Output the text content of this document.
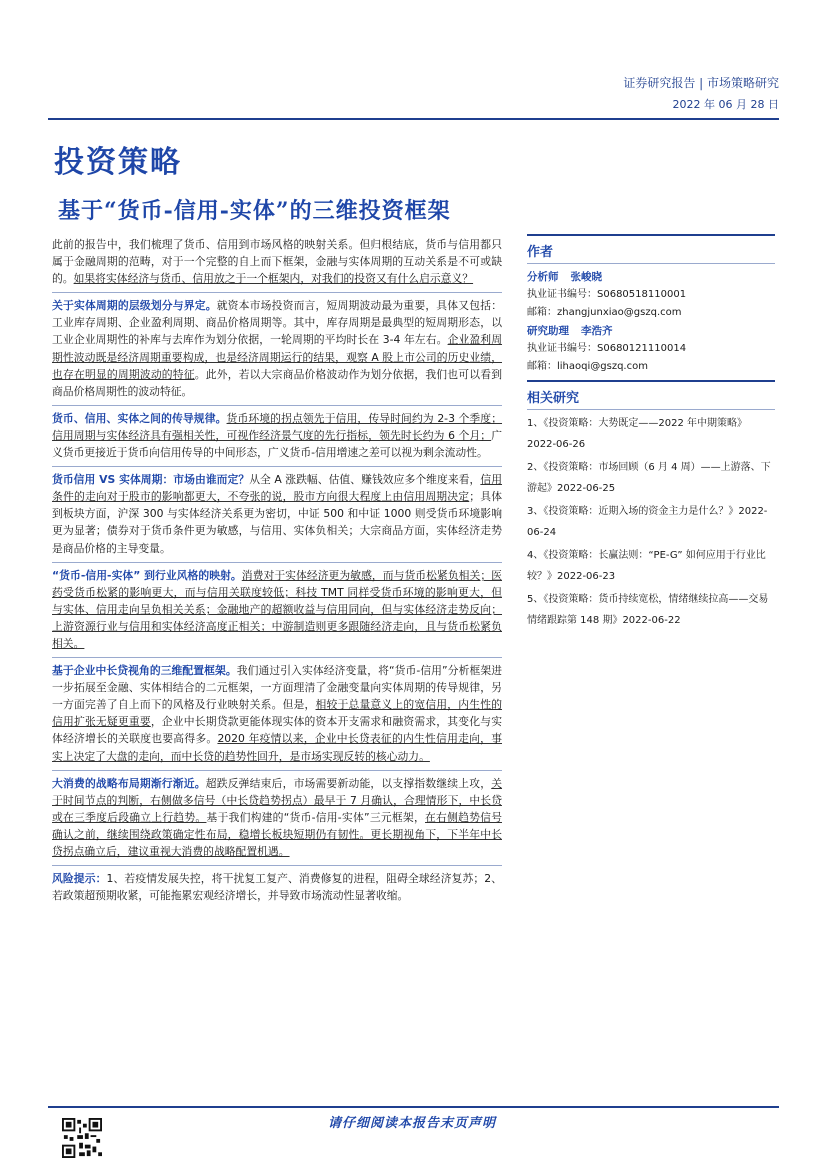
证券研究报告 | 市场策略研究
2022 年 06 月 28 日
投资策略
基于“货币-信用-实体”的三维投资框架

此前的报告中，我们梳理了货币、信用到市场风格的映射关系。但归根结底，货币与信用都只属于金融周期的范畴，对于一个完整的自上而下框架，金融与实体周期的互动关系是不可或缺的。如果将实体经济与货币、信用放之于一个框架内，对我们的投资又有什么启示意义？

关于实体周期的层级划分与界定。就资本市场投资而言，短周期波动最为重要，具体又包括：工业库存周期、企业盈利周期、商品价格周期等。其中，库存周期是最典型的短周期形态，以工业企业周期性的补库与去库作为划分依据，一轮周期的平均时长在 3-4 年左右。企业盈利周期性波动既是经济周期重要构成，也是经济周期运行的结果，观察 A 股上市公司的历史业绩，也存在明显的周期波动的特征。此外，若以大宗商品价格波动作为划分依据，我们也可以看到商品价格周期性的波动特征。

货币、信用、实体之间的传导规律。货币环境的拐点领先于信用，传导时间约为 2-3 个季度；信用周期与实体经济具有强相关性，可视作经济景气度的先行指标，领先时长约为 6 个月；广义货币更接近于货币向信用传导的中间形态，广义货币-信用增速之差可以视为剩余流动性。

货币信用 VS 实体周期：市场由谁而定？从全 A 涨跌幅、估值、赚钱效应多个维度来看，信用条件的走向对于股市的影响都更大，不夸张的说，股市方向很大程度上由信用周期决定；具体到板块方面，沪深 300 与实体经济关系更为密切，中证 500 和中证 1000 则受货币环境影响更为显著；债券对于货币条件更为敏感，与信用、实体负相关；大宗商品方面，实体经济走势是商品价格的主导变量。

“货币-信用-实体” 到行业风格的映射。消费对于实体经济更为敏感，而与货币松紧负相关；医药受货币松紧的影响更大，而与信用关联度较低；科技 TMT 同样受货币环境的影响更大，但与实体、信用走向呈负相关关系；金融地产的超额收益与信用同向，但与实体经济走势反向；上游资源行业与信用和实体经济高度正相关；中游制造则更多跟随经济走向，且与货币松紧负相关。

基于企业中长贷视角的三维配置框架。我们通过引入实体经济变量，将“货币-信用”分析框架进一步拓展至金融、实体相结合的二元框架，一方面理清了金融变量向实体周期的传导规律，另一方面完善了自上而下的风格及行业映射关系。但是，相较于总量意义上的宽信用，内生性的信用扩张无疑更重要，企业中长期贷款更能体现实体的资本开支需求和融资需求，其变化与实体经济增长的关联度也要高得多。2020 年疫情以来，企业中长贷表征的内生性信用走向，事实上决定了大盘的走向，而中长贷的趋势性回升，是市场实现反转的核心动力。

大消费的战略布局期渐行渐近。超跌反弹结束后，市场需要新动能，以支撑指数继续上攻，关于时间节点的判断，右侧做多信号（中长贷趋势拐点）最早于 7 月确认，合理情形下，中长贷或在三季度后段确立上行趋势。基于我们构建的“货币-信用-实体”三元框架，在右侧趋势信号确认之前，继续围绕政策确定性布局，稳增长板块短期仍有韧性。更长期视角下，下半年中长贷拐点确立后，建议重视大消费的战略配置机遇。

风险提示：1、若疫情发展失控，将干扰复工复产、消费修复的进程，阻碍全球经济复苏；2、若政策超预期收紧，可能拖累宏观经济增长，并导致市场流动性显著收缩。

作者
分析师 张峻晓
执业证书编号：S0680518110001
邮箱：zhangjunxiao@gszq.com
研究助理 李浩齐
执业证书编号：S0680121110014
邮箱：lihaoqi@gszq.com
相关研究
1、《投资策略：大势既定——2022 年中期策略》2022-06-26
2、《投资策略：市场回顾（6 月 4 周）——上游落、下游起》2022-06-25
3、《投资策略：近期入场的资金主力是什么？》2022-06-24
4、《投资策略：长赢法则：“PE-G” 如何应用于行业比较？》2022-06-23
5、《投资策略：货币持续宽松，情绪继续拉高——交易情绪跟踪第 148 期》2022-06-22
请仔细阅读本报告末页声明
